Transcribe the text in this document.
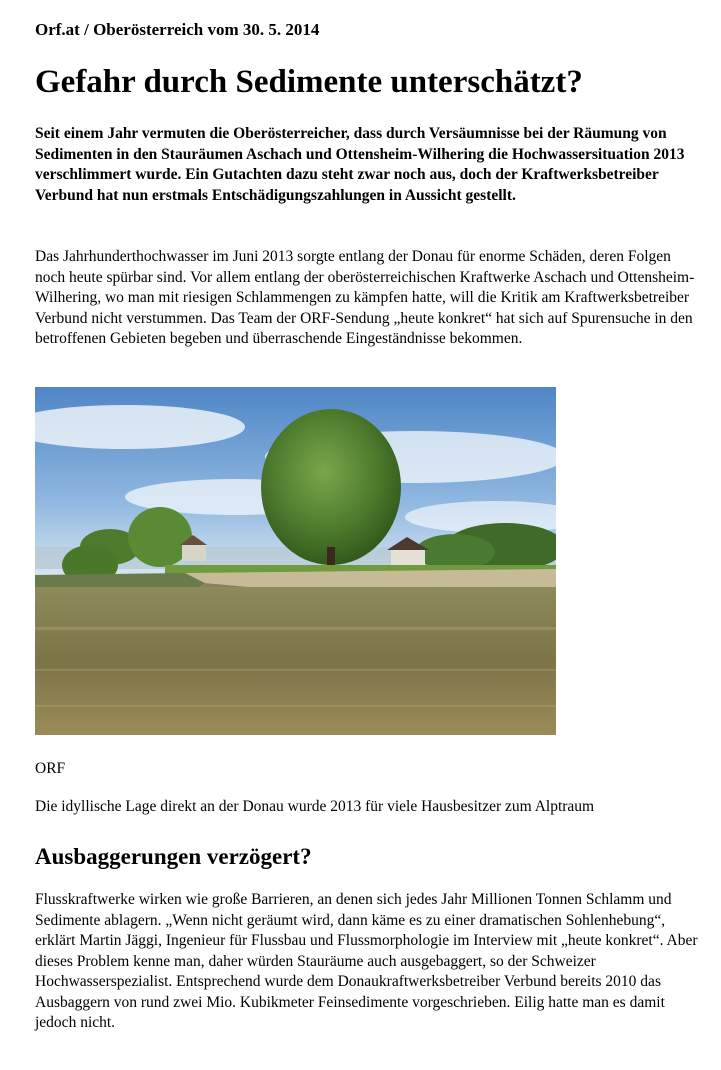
Orf.at / Oberösterreich vom 30. 5. 2014

Gefahr durch Sedimente unterschätzt?

Seit einem Jahr vermuten die Oberösterreicher, dass durch Versäumnisse bei der Räumung von Sedimenten in den Stauräumen Aschach und Ottensheim-Wilhering die Hochwassersituation 2013 verschlimmert wurde. Ein Gutachten dazu steht zwar noch aus, doch der Kraftwerksbetreiber Verbund hat nun erstmals Entschädigungszahlungen in Aussicht gestellt.

Das Jahrhunderthochwasser im Juni 2013 sorgte entlang der Donau für enorme Schäden, deren Folgen noch heute spürbar sind. Vor allem entlang der oberösterreichischen Kraftwerke Aschach und Ottensheim-Wilhering, wo man mit riesigen Schlammengen zu kämpfen hatte, will die Kritik am Kraftwerksbetreiber Verbund nicht verstummen. Das Team der ORF-Sendung „heute konkret“ hat sich auf Spurensuche in den betroffenen Gebieten begeben und überraschende Eingeständnisse bekommen.

ORF

Die idyllische Lage direkt an der Donau wurde 2013 für viele Hausbesitzer zum Alptraum

Ausbaggerungen verzögert?

Flusskraftwerke wirken wie große Barrieren, an denen sich jedes Jahr Millionen Tonnen Schlamm und Sedimente ablagern. „Wenn nicht geräumt wird, dann käme es zu einer dramatischen Sohlenhebung“, erklärt Martin Jäggi, Ingenieur für Flussbau und Flussmorphologie im Interview mit „heute konkret“. Aber dieses Problem kenne man, daher würden Stauräume auch ausgebaggert, so der Schweizer Hochwasserspezialist. Entsprechend wurde dem Donaukraftwerksbetreiber Verbund bereits 2010 das Ausbaggern von rund zwei Mio. Kubikmeter Feinsedimente vorgeschrieben. Eilig hatte man es damit jedoch nicht.
